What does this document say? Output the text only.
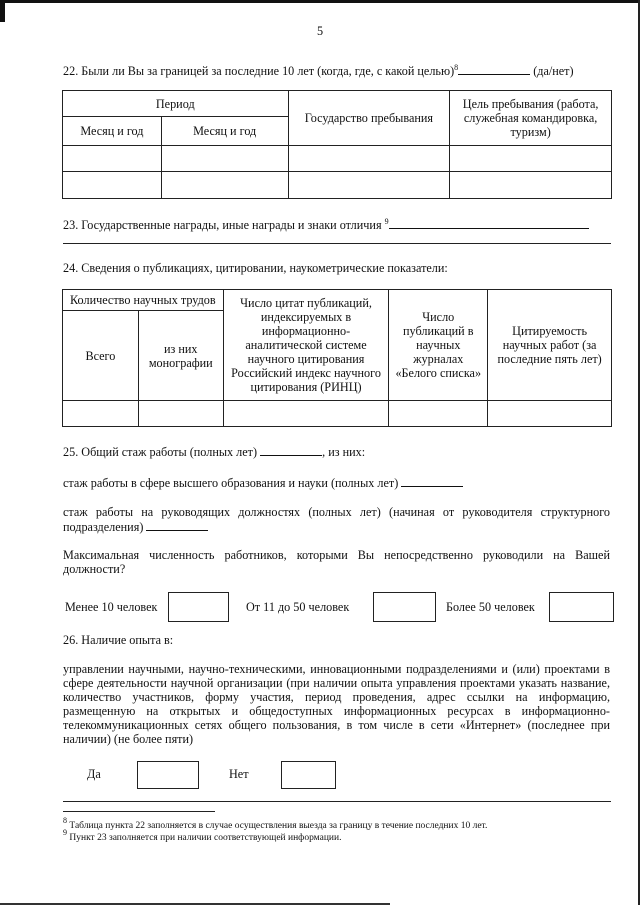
5
22. Были ли Вы за границей за последние 10 лет (когда, где, с какой целью)$^8$	(да/нет)
Период		Государство пребывания	Цель пребывания (работа, служебная командировка, туризм)
Месяц и год	Месяц и год		

23. Государственные награды, иные награды и знаки отличия $^9$
24. Сведения о публикациях, цитировании, наукометрические показатели:
Количество научных трудов		Число цитат публикаций, индексируемых в информационно-аналитической системе научного цитирования Российский индекс научного цитирования (РИНЦ)	Число публикаций в научных журналах «Белого списка»	Цитируемость научных работ (за последние пять лет)
Всего	из них монографии			

25. Общий стаж работы (полных лет)	, из них:
стаж работы в сфере высшего образования и науки (полных лет)
стаж работы на руководящих должностях (полных лет) (начиная от руководителя структурного подразделения)
Максимальная численность работников, которыми Вы непосредственно руководили на Вашей должности?
Менее 10 человек	От 11 до 50 человек	Более 50 человек
26. Наличие опыта в:
управлении научными, научно-техническими, инновационными подразделениями и (или) проектами в сфере деятельности научной организации (при наличии опыта управления проектами указать название, количество участников, форму участия, период проведения, адрес ссылки на информацию, размещенную на открытых и общедоступных информационных ресурсах в информационно-телекоммуникационных сетях общего пользования, в том числе в сети «Интернет» (последнее при наличии) (не более пяти)
Да	Нет
$^8$ Таблица пункта 22 заполняется в случае осуществления выезда за границу в течение последних 10 лет.
$^9$ Пункт 23 заполняется при наличии соответствующей информации.
